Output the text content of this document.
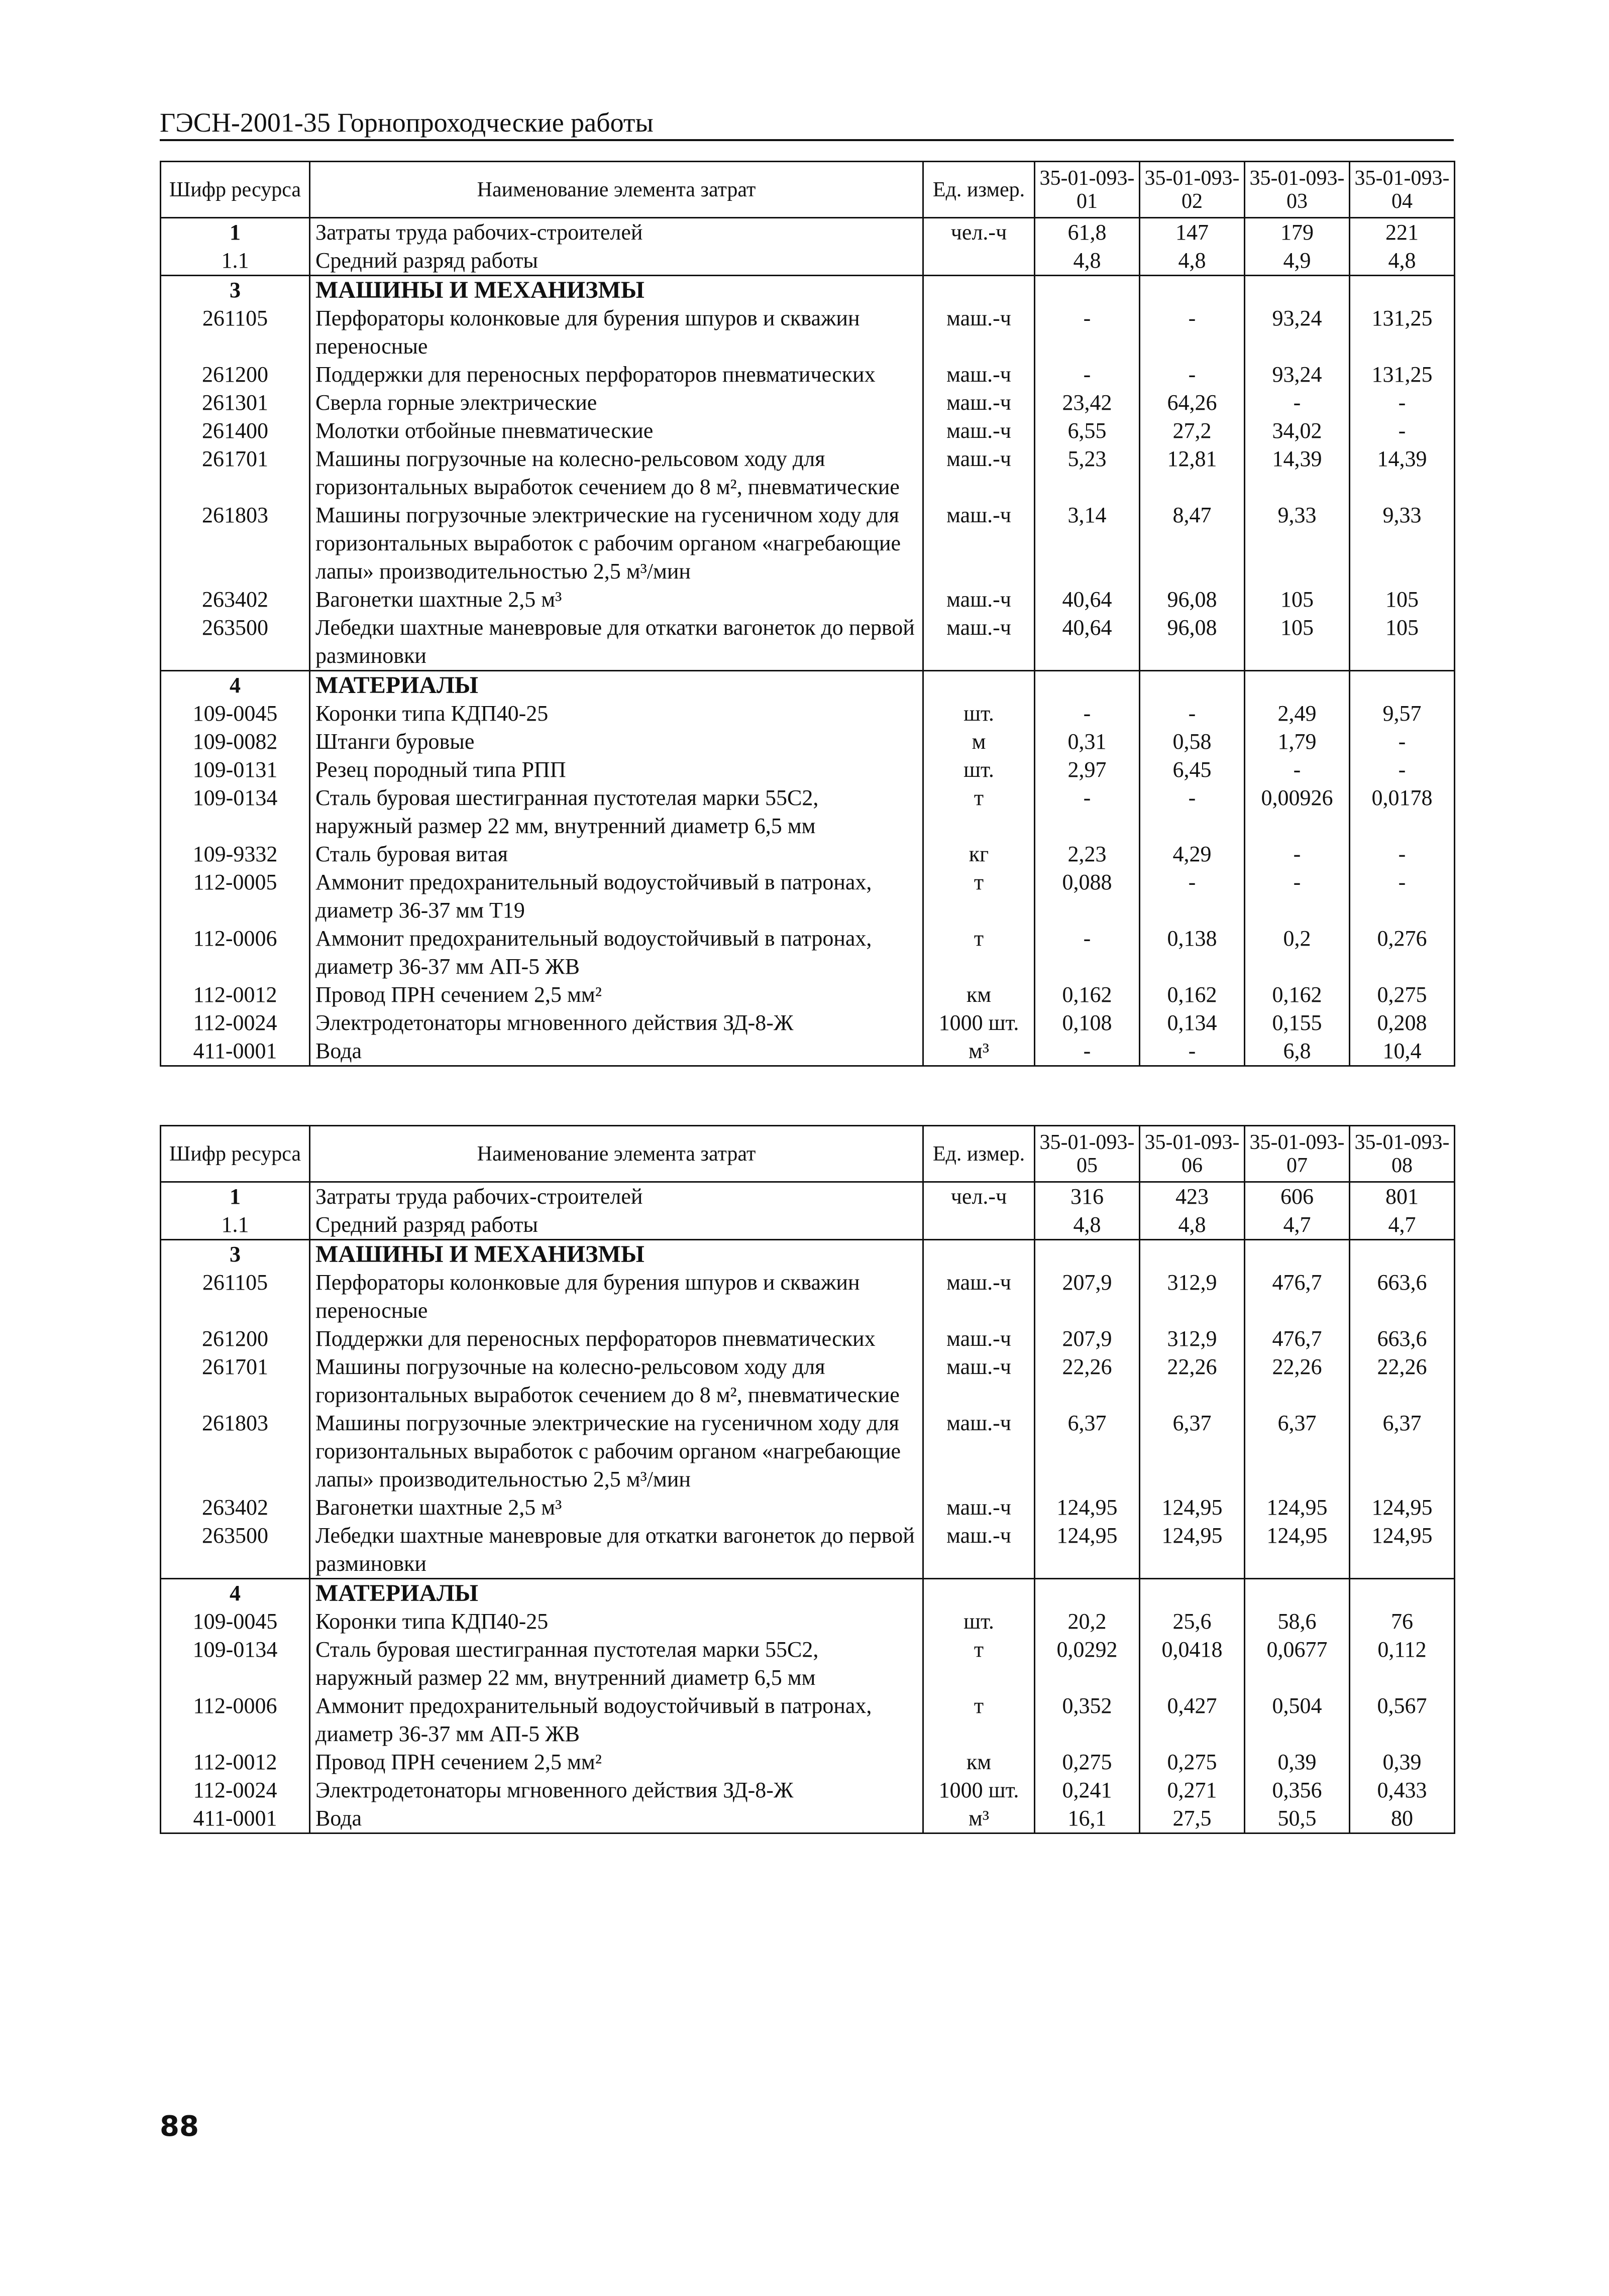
ГЭСН-2001-35 Горнопроходческие работы
Шифр ресурса	Наименование элемента затрат	Ед. измер.	35-01-093-01	35-01-093-02	35-01-093-03	35-01-093-04
1	Затраты труда рабочих-строителей	чел.-ч	61,8	147	179	221
1.1	Средний разряд работы		4,8	4,8	4,9	4,8
3	МАШИНЫ И МЕХАНИЗМЫ					
261105	Перфораторы колонковые для бурения шпуров и скважин переносные	маш.-ч	-	-	93,24	131,25
261200	Поддержки для переносных перфораторов пневматических	маш.-ч	-	-	93,24	131,25
261301	Сверла горные электрические	маш.-ч	23,42	64,26	-	-
261400	Молотки отбойные пневматические	маш.-ч	6,55	27,2	34,02	-
261701	Машины погрузочные на колесно-рельсовом ходу для горизонтальных выработок сечением до 8 м², пневматические	маш.-ч	5,23	12,81	14,39	14,39
261803	Машины погрузочные электрические на гусеничном ходу для горизонтальных выработок с рабочим органом «нагребающие лапы» производительностью 2,5 м³/мин	маш.-ч	3,14	8,47	9,33	9,33
263402	Вагонетки шахтные 2,5 м³	маш.-ч	40,64	96,08	105	105
263500	Лебедки шахтные маневровые для откатки вагонеток до первой разминовки	маш.-ч	40,64	96,08	105	105
4	МАТЕРИАЛЫ					
109-0045	Коронки типа КДП40-25	шт.	-	-	2,49	9,57
109-0082	Штанги буровые	м	0,31	0,58	1,79	-
109-0131	Резец породный типа РПП	шт.	2,97	6,45	-	-
109-0134	Сталь буровая шестигранная пустотелая марки 55С2, наружный размер 22 мм, внутренний диаметр 6,5 мм	т	-	-	0,00926	0,0178
109-9332	Сталь буровая витая	кг	2,23	4,29	-	-
112-0005	Аммонит предохранительный водоустойчивый в патронах, диаметр 36-37 мм Т19	т	0,088	-	-	-
112-0006	Аммонит предохранительный водоустойчивый в патронах, диаметр 36-37 мм АП-5 ЖВ	т	-	0,138	0,2	0,276
112-0012	Провод ПРН сечением 2,5 мм²	км	0,162	0,162	0,162	0,275
112-0024	Электродетонаторы мгновенного действия ЗД-8-Ж	1000 шт.	0,108	0,134	0,155	0,208
411-0001	Вода	м³	-	-	6,8	10,4
Шифр ресурса	Наименование элемента затрат	Ед. измер.	35-01-093-05	35-01-093-06	35-01-093-07	35-01-093-08
1	Затраты труда рабочих-строителей	чел.-ч	316	423	606	801
1.1	Средний разряд работы		4,8	4,8	4,7	4,7
3	МАШИНЫ И МЕХАНИЗМЫ					
261105	Перфораторы колонковые для бурения шпуров и скважин переносные	маш.-ч	207,9	312,9	476,7	663,6
261200	Поддержки для переносных перфораторов пневматических	маш.-ч	207,9	312,9	476,7	663,6
261701	Машины погрузочные на колесно-рельсовом ходу для горизонтальных выработок сечением до 8 м², пневматические	маш.-ч	22,26	22,26	22,26	22,26
261803	Машины погрузочные электрические на гусеничном ходу для горизонтальных выработок с рабочим органом «нагребающие лапы» производительностью 2,5 м³/мин	маш.-ч	6,37	6,37	6,37	6,37
263402	Вагонетки шахтные 2,5 м³	маш.-ч	124,95	124,95	124,95	124,95
263500	Лебедки шахтные маневровые для откатки вагонеток до первой разминовки	маш.-ч	124,95	124,95	124,95	124,95
4	МАТЕРИАЛЫ					
109-0045	Коронки типа КДП40-25	шт.	20,2	25,6	58,6	76
109-0134	Сталь буровая шестигранная пустотелая марки 55С2, наружный размер 22 мм, внутренний диаметр 6,5 мм	т	0,0292	0,0418	0,0677	0,112
112-0006	Аммонит предохранительный водоустойчивый в патронах, диаметр 36-37 мм АП-5 ЖВ	т	0,352	0,427	0,504	0,567
112-0012	Провод ПРН сечением 2,5 мм²	км	0,275	0,275	0,39	0,39
112-0024	Электродетонаторы мгновенного действия ЗД-8-Ж	1000 шт.	0,241	0,271	0,356	0,433
411-0001	Вода	м³	16,1	27,5	50,5	80
88
